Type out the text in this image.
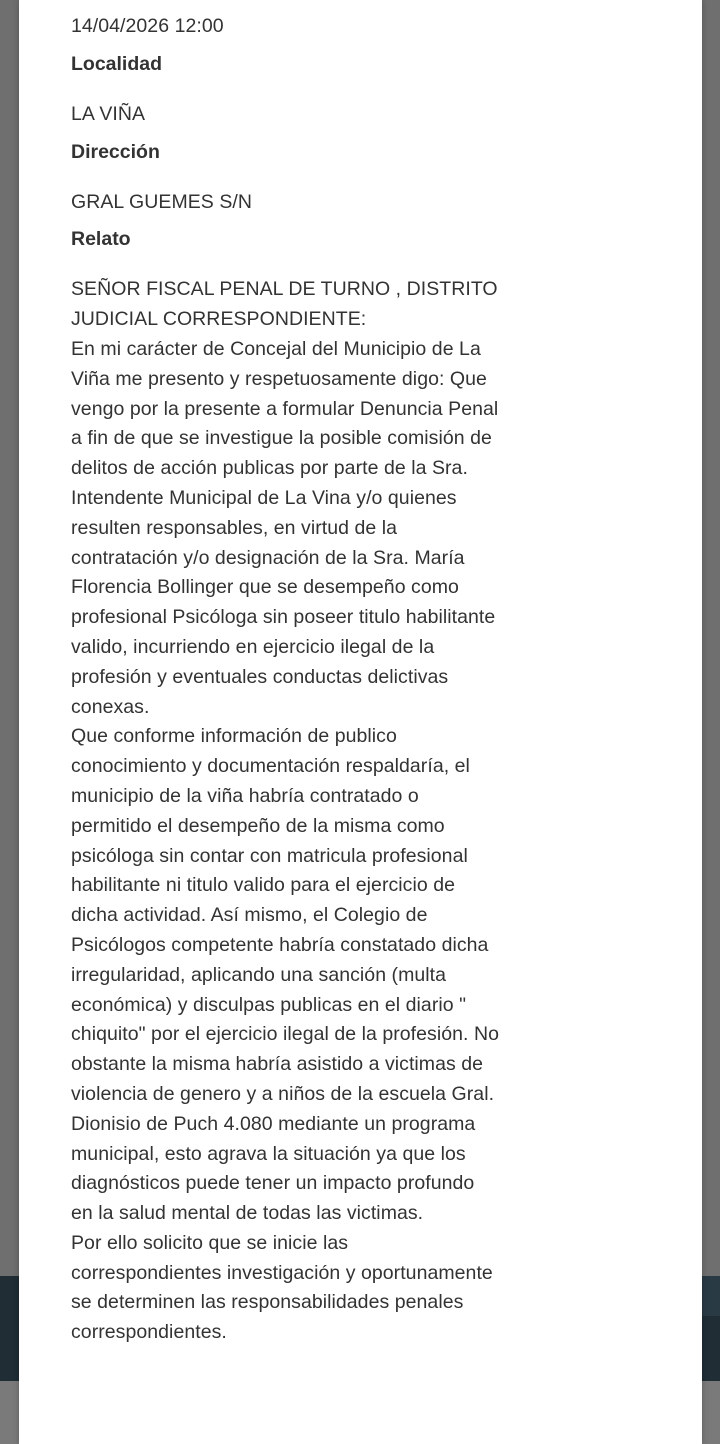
14/04/2026 12:00

Localidad

LA VIÑA

Dirección

GRAL GUEMES S/N

Relato

SEÑOR FISCAL PENAL DE TURNO , DISTRITO JUDICIAL CORRESPONDIENTE:

En mi carácter de Concejal del Municipio de La Viña me presento y respetuosamente digo: Que vengo por la presente a formular Denuncia Penal a fin de que se investigue la posible comisión de delitos de acción publicas por parte de la Sra. Intendente Municipal de La Vina y/o quienes resulten responsables, en virtud de la contratación y/o designación de la Sra. María Florencia Bollinger que se desempeño como profesional Psicóloga sin poseer titulo habilitante valido, incurriendo en ejercicio ilegal de la profesión y eventuales conductas delictivas conexas.

Que conforme información de publico conocimiento y documentación respaldaría, el municipio de la viña habría contratado o permitido el desempeño de la misma como psicóloga sin contar con matricula profesional habilitante ni titulo valido para el ejercicio de dicha actividad. Así mismo, el Colegio de Psicólogos competente habría constatado dicha irregularidad, aplicando una sanción (multa económica) y disculpas publicas en el diario " chiquito" por el ejercicio ilegal de la profesión. No obstante la misma habría asistido a victimas de violencia de genero y a niños de la escuela Gral. Dionisio de Puch 4.080 mediante un programa municipal, esto agrava la situación ya que los diagnósticos puede tener un impacto profundo en la salud mental de todas las victimas.

Por ello solicito que se inicie las correspondientes investigación y oportunamente se determinen las responsabilidades penales correspondientes.
